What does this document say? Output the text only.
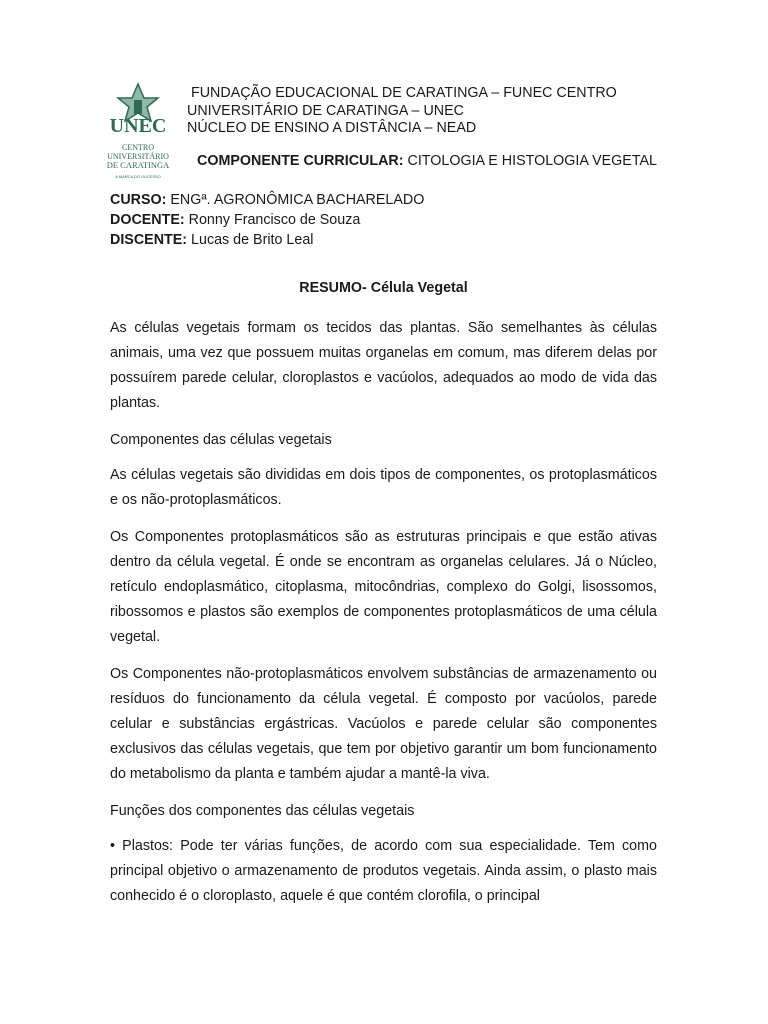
UNEC
CENTRO
UNIVERSITÁRIO
DE CARATINGA
A MARCA DO SUCESSO
FUNDAÇÃO EDUCACIONAL DE CARATINGA – FUNEC CENTRO
UNIVERSITÁRIO DE CARATINGA – UNEC
NÚCLEO DE ENSINO A DISTÂNCIA – NEAD
COMPONENTE CURRICULAR: CITOLOGIA E HISTOLOGIA VEGETAL
CURSO: ENGª. AGRONÔMICA BACHARELADO
DOCENTE: Ronny Francisco de Souza
DISCENTE: Lucas de Brito Leal
RESUMO- Célula Vegetal

As células vegetais formam os tecidos das plantas. São semelhantes às células animais, uma vez que possuem muitas organelas em comum, mas diferem delas por possuírem parede celular, cloroplastos e vacúolos, adequados ao modo de vida das plantas.

Componentes das células vegetais

As células vegetais são divididas em dois tipos de componentes, os protoplasmáticos e os não-protoplasmáticos.

Os Componentes protoplasmáticos são as estruturas principais e que estão ativas dentro da célula vegetal. É onde se encontram as organelas celulares. Já o Núcleo, retículo endoplasmático, citoplasma, mitocôndrias, complexo do Golgi, lisossomos, ribossomos e plastos são exemplos de componentes protoplasmáticos de uma célula vegetal.

Os Componentes não-protoplasmáticos envolvem substâncias de armazenamento ou resíduos do funcionamento da célula vegetal. É composto por vacúolos, parede celular e substâncias ergástricas. Vacúolos e parede celular são componentes exclusivos das células vegetais, que tem por objetivo garantir um bom funcionamento do metabolismo da planta e também ajudar a mantê-la viva.

Funções dos componentes das células vegetais

• Plastos: Pode ter várias funções, de acordo com sua especialidade. Tem como principal objetivo o armazenamento de produtos vegetais. Ainda assim, o plasto mais conhecido é o cloroplasto, aquele é que contém clorofila, o principal
